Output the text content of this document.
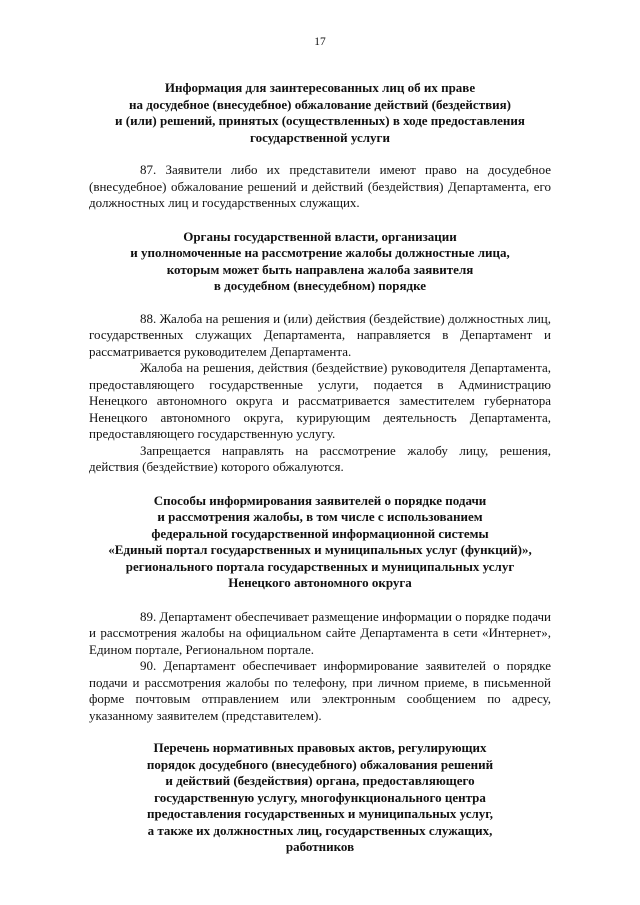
17
Информация для заинтересованных лиц об их праве
на досудебное (внесудебное) обжалование действий (бездействия)
и (или) решений, принятых (осуществленных) в ходе предоставления
государственной услуги

87. Заявители либо их представители имеют право на досудебное (внесудебное) обжалование решений и действий (бездействия) Департамента, его должностных лиц и государственных служащих.

Органы государственной власти, организации
и уполномоченные на рассмотрение жалобы должностные лица,
которым может быть направлена жалоба заявителя
в досудебном (внесудебном) порядке

88. Жалоба на решения и (или) действия (бездействие) должностных лиц, государственных служащих Департамента, направляется в Департамент и рассматривается руководителем Департамента.

Жалоба на решения, действия (бездействие) руководителя Департамента, предоставляющего государственные услуги, подается в Администрацию Ненецкого автономного округа и рассматривается заместителем губернатора Ненецкого автономного округа, курирующим деятельность Департамента, предоставляющего государственную услугу.

Запрещается направлять на рассмотрение жалобу лицу, решения, действия (бездействие) которого обжалуются.

Способы информирования заявителей о порядке подачи
и рассмотрения жалобы, в том числе с использованием
федеральной государственной информационной системы
«Единый портал государственных и муниципальных услуг (функций)»,
регионального портала государственных и муниципальных услуг
Ненецкого автономного округа

89. Департамент обеспечивает размещение информации о порядке подачи и рассмотрения жалобы на официальном сайте Департамента в сети «Интернет», Едином портале, Региональном портале.

90. Департамент обеспечивает информирование заявителей о порядке подачи и рассмотрения жалобы по телефону, при личном приеме, в письменной форме почтовым отправлением или электронным сообщением по адресу, указанному заявителем (представителем).

Перечень нормативных правовых актов, регулирующих
порядок досудебного (внесудебного) обжалования решений
и действий (бездействия) органа, предоставляющего
государственную услугу, многофункционального центра
предоставления государственных и муниципальных услуг,
а также их должностных лиц, государственных служащих,
работников
